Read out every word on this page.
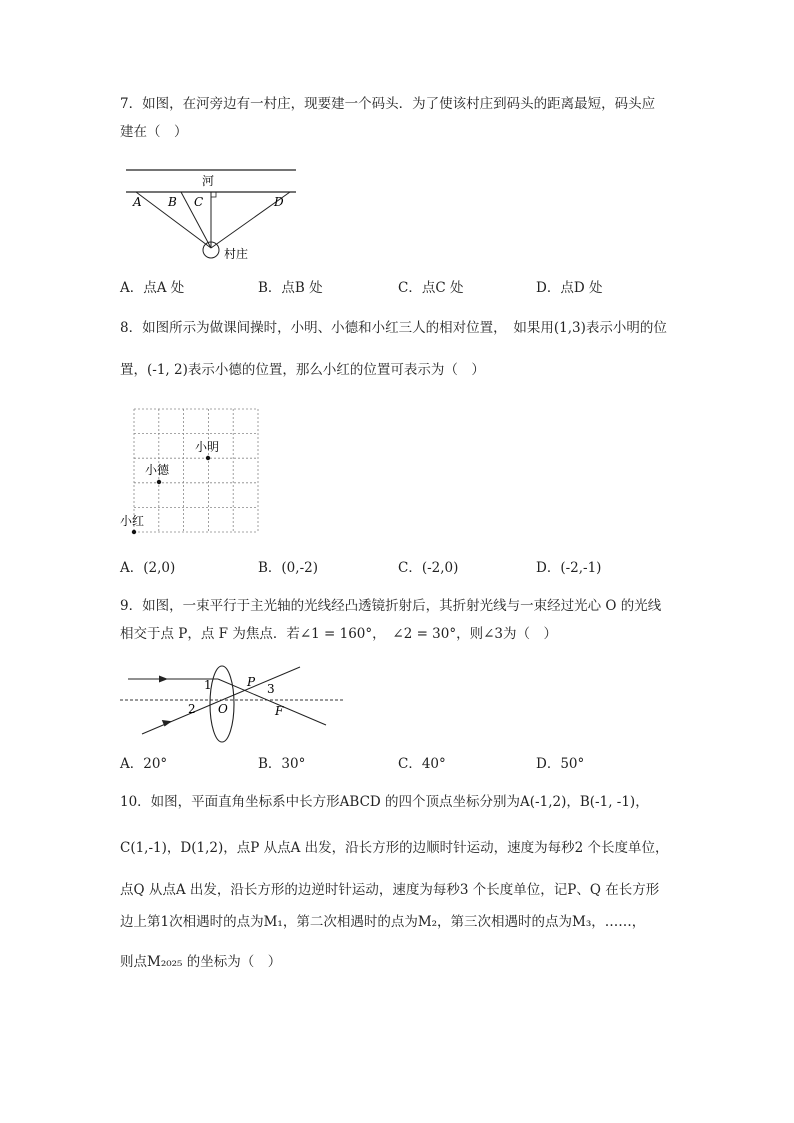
7．如图，在河旁边有一村庄，现要建一个码头．为了使该村庄到码头的距离最短，码头应
建在（　）
河
A B C	D
村庄
A．点A 处	B．点B 处	C．点C 处	D．点D 处
8．如图所示为做课间操时，小明、小德和小红三人的相对位置，　如果用(1,3)表示小明的位
置，(-1, 2)表示小德的位置，那么小红的位置可表示为（　）
小明
小德
小红
A．(2,0)	B．(0,-2)	C．(-2,0)	D．(-2,-1)
9．如图，一束平行于主光轴的光线经凸透镜折射后，其折射光线与一束经过光心 O 的光线
相交于点 P，点 F 为焦点．若∠1 = 160°，　∠2 = 30°，则∠3为（　）
1
2
3
O
P
F
A．20°	B．30°	C．40°	D．50°
10．如图，平面直角坐标系中长方形ABCD 的四个顶点坐标分别为A(-1,2)，B(-1, -1)，
C(1,-1)，D(1,2)，点P 从点A 出发，沿长方形的边顺时针运动，速度为每秒2 个长度单位，
点Q 从点A 出发，沿长方形的边逆时针运动，速度为每秒3 个长度单位，记P、Q 在长方形
边上第1次相遇时的点为M₁，第二次相遇时的点为M₂，第三次相遇时的点为M₃，……，
则点M₂₀₂₅ 的坐标为（　）
